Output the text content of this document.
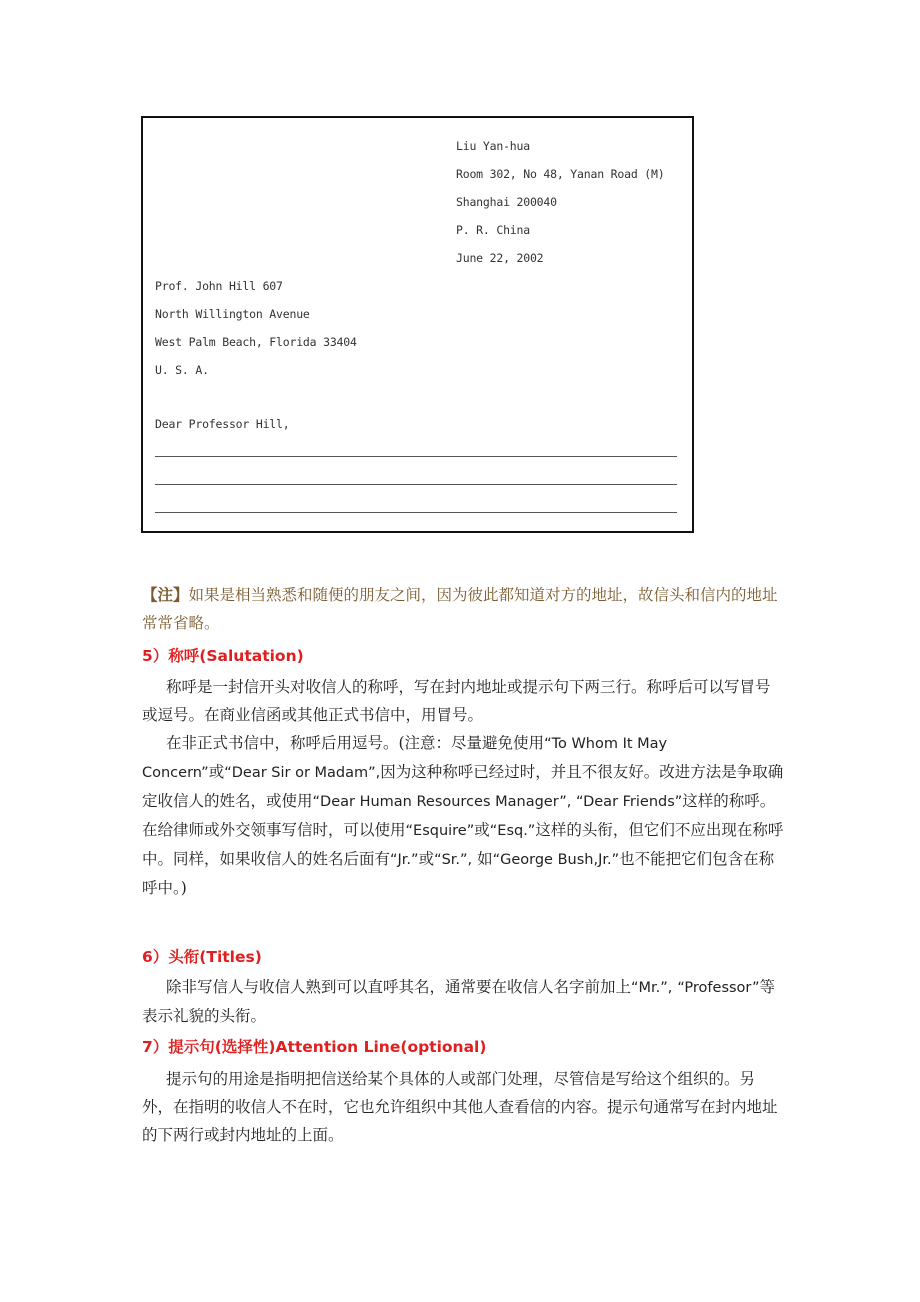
Liu Yan-hua
Room 302, No 48, Yanan Road (M)
Shanghai 200040
P. R. China
June 22, 2002
Prof. John Hill 607
North Willington Avenue
West Palm Beach, Florida 33404
U. S. A.
Dear Professor Hill,

【注】如果是相当熟悉和随便的朋友之间，因为彼此都知道对方的地址，故信头和信内的地址常常省略。

5）称呼(Salutation)

称呼是一封信开头对收信人的称呼，写在封内地址或提示句下两三行。称呼后可以写冒号或逗号。在商业信函或其他正式书信中，用冒号。

在非正式书信中，称呼后用逗号。(注意：尽量避免使用“To Whom It May Concern”或“Dear Sir or Madam”,因为这种称呼已经过时，并且不很友好。改进方法是争取确定收信人的姓名，或使用“Dear Human Resources Manager”, “Dear Friends”这样的称呼。在给律师或外交领事写信时，可以使用“Esquire”或“Esq.”这样的头衔，但它们不应出现在称呼中。同样，如果收信人的姓名后面有“Jr.”或“Sr.”, 如“George Bush,Jr.”也不能把它们包含在称呼中。)

6）头衔(Titles)

除非写信人与收信人熟到可以直呼其名，通常要在收信人名字前加上“Mr.”, “Professor”等表示礼貌的头衔。

7）提示句(选择性)Attention Line(optional)

提示句的用途是指明把信送给某个具体的人或部门处理，尽管信是写给这个组织的。另外，在指明的收信人不在时，它也允许组织中其他人查看信的内容。提示句通常写在封内地址的下两行或封内地址的上面。
